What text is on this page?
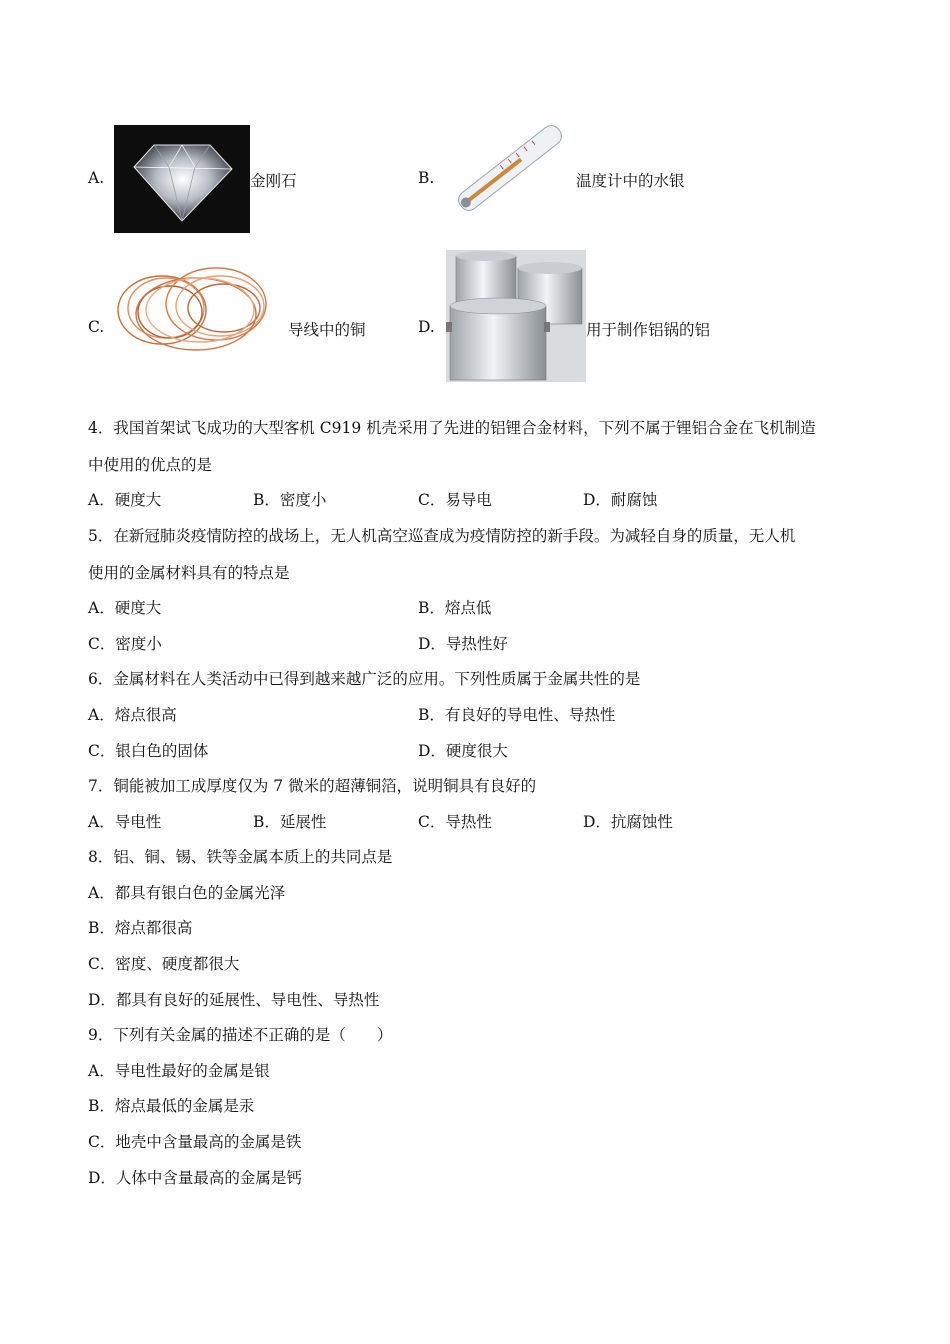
A.	金刚石	B.	温度计中的水银
C.	导线中的铜	D.	用于制作铝锅的铝
4．我国首架试飞成功的大型客机 C919 机壳采用了先进的铝锂合金材料，下列不属于锂铝合金在飞机制造
中使用的优点的是
A．硬度大	B．密度小	C．易导电	D．耐腐蚀
5．在新冠肺炎疫情防控的战场上，无人机高空巡查成为疫情防控的新手段。为减轻自身的质量，无人机
使用的金属材料具有的特点是
A．硬度大	B．熔点低
C．密度小	D．导热性好
6．金属材料在人类活动中已得到越来越广泛的应用。下列性质属于金属共性的是
A．熔点很高	B．有良好的导电性、导热性
C．银白色的固体	D．硬度很大
7．铜能被加工成厚度仅为 7 微米的超薄铜箔，说明铜具有良好的
A．导电性	B．延展性	C．导热性	D．抗腐蚀性
8．铝、铜、锡、铁等金属本质上的共同点是
A．都具有银白色的金属光泽
B．熔点都很高
C．密度、硬度都很大
D．都具有良好的延展性、导电性、导热性
9．下列有关金属的描述不正确的是（　　）
A．导电性最好的金属是银
B．熔点最低的金属是汞
C．地壳中含量最高的金属是铁
D．人体中含量最高的金属是钙
